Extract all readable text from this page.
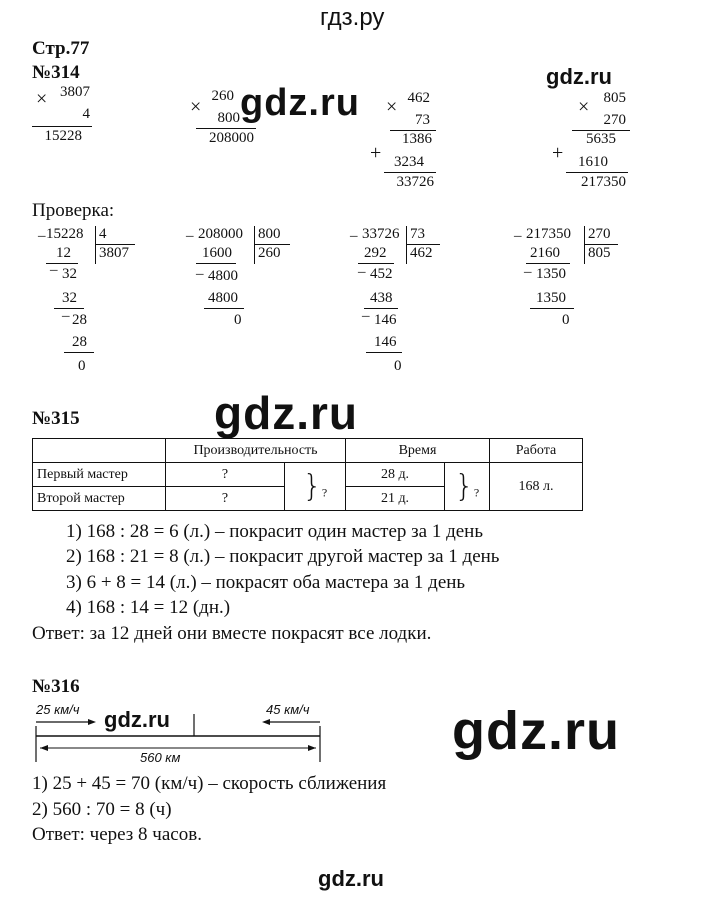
гдз.ру
gdz.ru
gdz.ru
gdz.ru
gdz.ru	gdz.ru
gdz.ru
Стр.77
№314
× 3807
4
15228
× 260
800
208000
× 462
73
1386
+ 3234
33726
× 805
270
5635
+ 1610
217350
Проверка:
15228
–	4
3807
12
– 32
32
– 28
28
0
– 208000 800
260
1600
– 4800
4800
0
– 33726 73
462
292
– 452
438
– 146
146
0
– 217350 270
805
2160
– 1350
1350
0
№315
	Производительность		Время		Работа
Первый мастер	?	}?	28 д.	}?	168 л.
Второй мастер	?		21 д.		
1) 168 : 28 = 6 (л.) – покрасит один мастер за 1 день
2) 168 : 21 = 8 (л.) – покрасит другой мастер за 1 день
3) 6 + 8 = 14 (л.) – покрасят оба мастера за 1 день
4) 168 : 14 = 12 (дн.)
Ответ: за 12 дней они вместе покрасят все лодки.
№316
25 км/ч	45 км/ч
560 км
1) 25 + 45 = 70 (км/ч) – скорость сближения
2) 560 : 70 = 8 (ч)
Ответ: через 8 часов.
